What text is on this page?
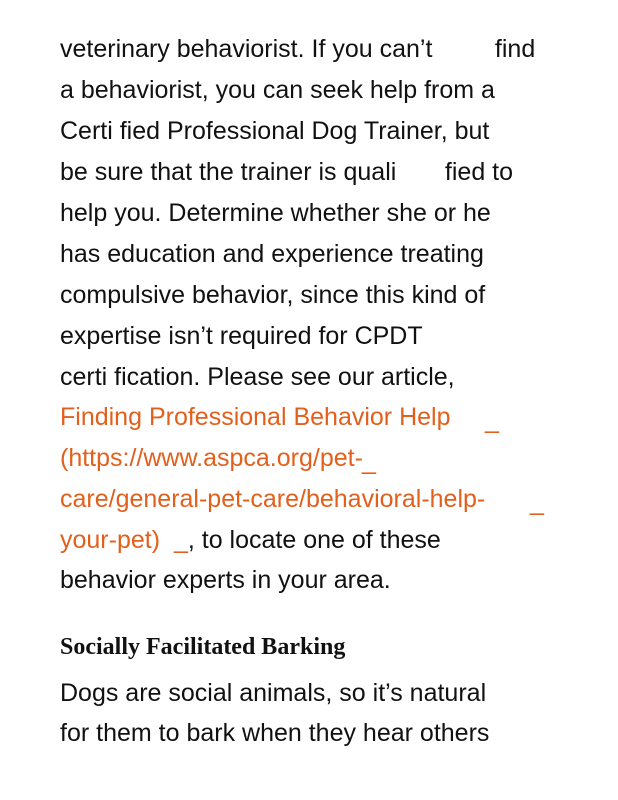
veterinary behaviorist. If you can’t         find
a behaviorist, you can seek help from a
Certi fied Professional Dog Trainer, but
be sure that the trainer is quali       fied to
help you. Determine whether she or he
has education and experience treating
compulsive behavior, since this kind of
expertise isn’t required for CPDT
certi fication. Please see our article,
Finding Professional Behavior Help _
(https://www.aspca.org/pet- _
care/general-pet-care/behavioral-help- _
your-pet) _, to locate one of these
behavior experts in your area.
Socially Facilitated Barking
Dogs are social animals, so it’s natural
for them to bark when they hear others
